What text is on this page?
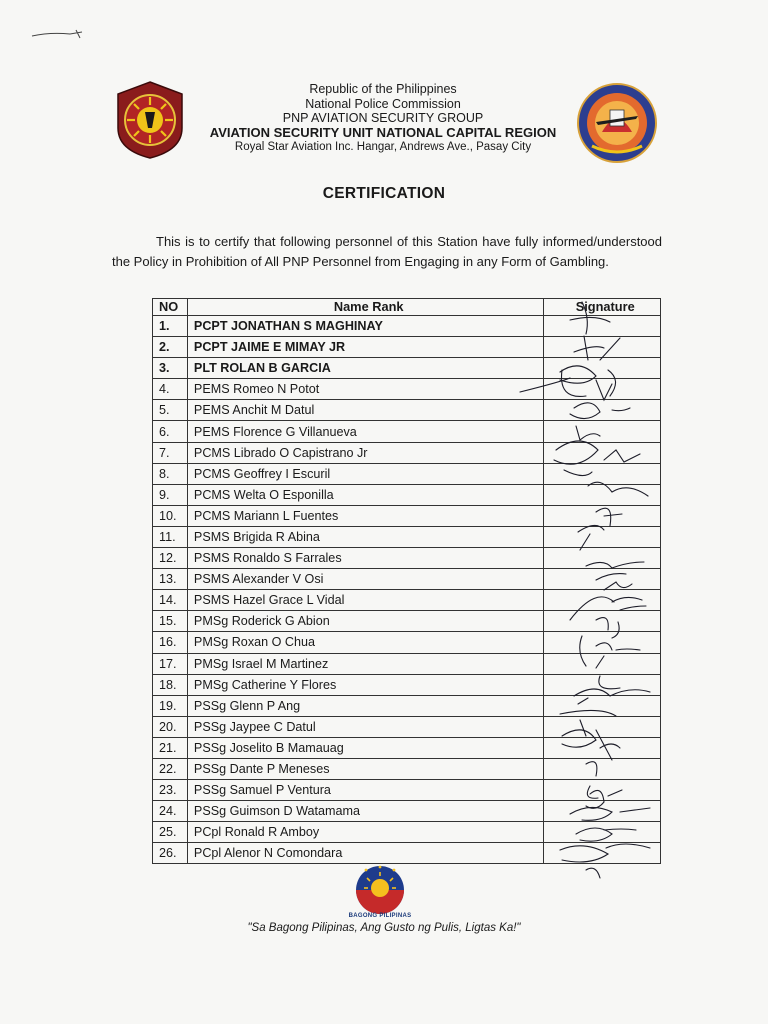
Republic of the Philippines
National Police Commission
PNP AVIATION SECURITY GROUP
AVIATION SECURITY UNIT NATIONAL CAPITAL REGION
Royal Star Aviation Inc. Hangar, Andrews Ave., Pasay City
CERTIFICATION
This is to certify that following personnel of this Station have fully informed/understood the Policy in Prohibition of All PNP Personnel from Engaging in any Form of Gambling.
NO	Name Rank	Signature
1.	PCPT JONATHAN S MAGHINAY	
2.	PCPT JAIME E MIMAY JR	
3.	PLT ROLAN B GARCIA	
4.	PEMS Romeo N Potot	
5.	PEMS Anchit M Datul	
6.	PEMS Florence G Villanueva	
7.	PCMS Librado O Capistrano Jr	
8.	PCMS Geoffrey I Escuril	
9.	PCMS Welta O Esponilla	
10.	PCMS Mariann L Fuentes	
11.	PSMS Brigida R Abina	
12.	PSMS Ronaldo S Farrales	
13.	PSMS Alexander V Osi	
14.	PSMS Hazel Grace L Vidal	
15.	PMSg Roderick G Abion	
16.	PMSg Roxan O Chua	
17.	PMSg Israel M Martinez	
18.	PMSg Catherine Y Flores	
19.	PSSg Glenn P Ang	
20.	PSSg Jaypee C Datul	
21.	PSSg Joselito B Mamauag	
22.	PSSg Dante P Meneses	
23.	PSSg Samuel P Ventura	
24.	PSSg Guimson D Watamama	
25.	PCpl Ronald R Amboy	
26.	PCpl Alenor N Comondara	
BAGONG PILIPINAS
"Sa Bagong Pilipinas, Ang Gusto ng Pulis, Ligtas Ka!"
